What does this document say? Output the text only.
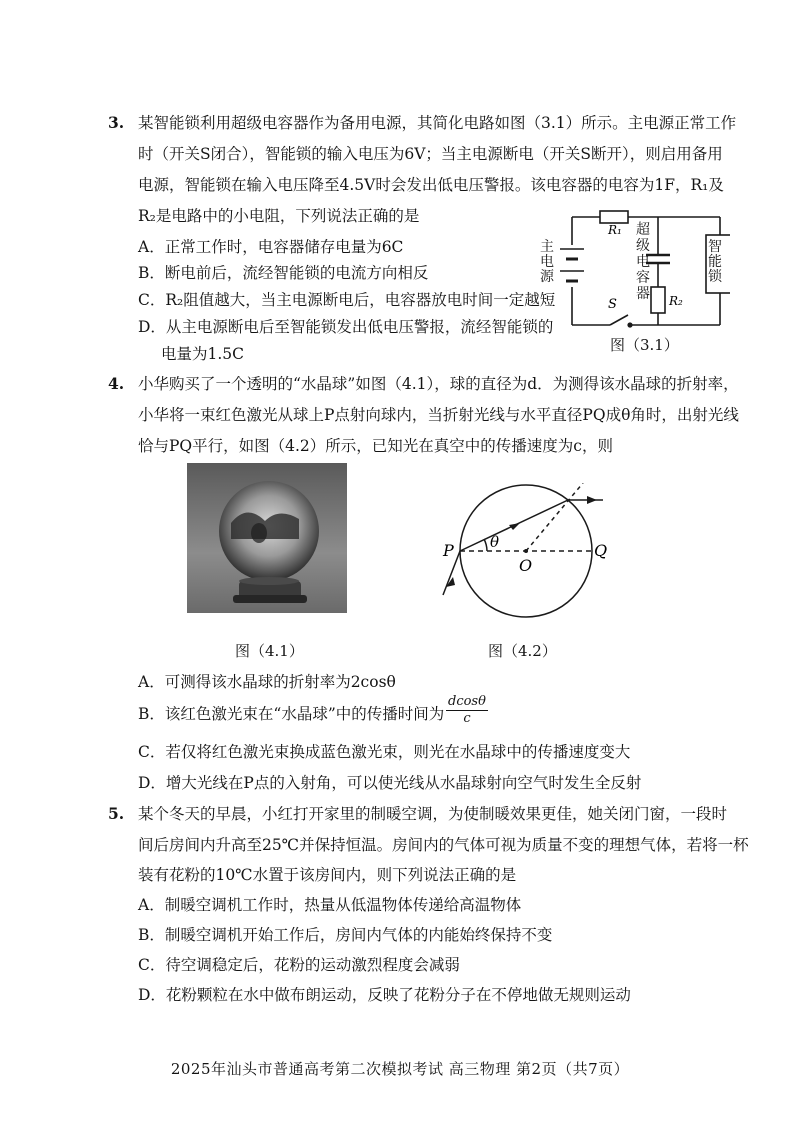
3. 某智能锁利用超级电容器作为备用电源，其简化电路如图（3.1）所示。主电源正常工作
时（开关S闭合），智能锁的输入电压为6V；当主电源断电（开关S断开），则启用备用
电源，智能锁在输入电压降至4.5V时会发出低电压警报。该电容器的电容为1F，R₁及
R₂是电路中的小电阻，下列说法正确的是
A．正常工作时，电容器储存电量为6C
B．断电前后，流经智能锁的电流方向相反
C．R₂阻值越大，当主电源断电后，电容器放电时间一定越短
D．从主电源断电后至智能锁发出低电压警报，流经智能锁的
电量为1.5C
R₁
R₂
S
主电源
超级电容器
智能锁
图（3.1）
4. 小华购买了一个透明的“水晶球”如图（4.1），球的直径为d．为测得该水晶球的折射率，
小华将一束红色激光从球上P点射向球内，当折射光线与水平直径PQ成θ角时，出射光线
恰与PQ平行，如图（4.2）所示，已知光在真空中的传播速度为c，则
图（4.1）
P
O
Q
θ
图（4.2）
A．可测得该水晶球的折射率为2cosθ
B．该红色激光束在“水晶球”中的传播时间为 $\frac{dcos\theta}{c}$
C．若仅将红色激光束换成蓝色激光束，则光在水晶球中的传播速度变大
D．增大光线在P点的入射角，可以使光线从水晶球射向空气时发生全反射
5. 某个冬天的早晨，小红打开家里的制暖空调，为使制暖效果更佳，她关闭门窗，一段时
间后房间内升高至25℃并保持恒温。房间内的气体可视为质量不变的理想气体，若将一杯
装有花粉的10℃水置于该房间内，则下列说法正确的是
A．制暖空调机工作时，热量从低温物体传递给高温物体
B．制暖空调机开始工作后，房间内气体的内能始终保持不变
C．待空调稳定后，花粉的运动激烈程度会减弱
D．花粉颗粒在水中做布朗运动，反映了花粉分子在不停地做无规则运动
2025年汕头市普通高考第二次模拟考试 高三物理 第2页（共7页）
